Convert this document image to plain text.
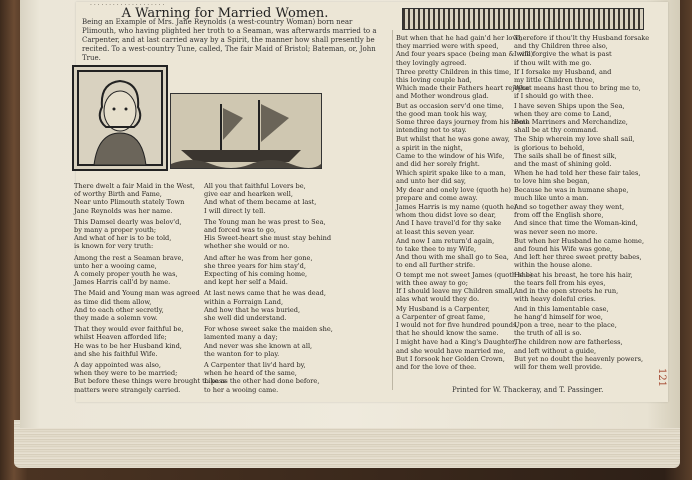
. . . . . . . . . . . . . . . . . . . .
A Warning for Married Women.
Being an Example of Mrs. Jane Reynolds (a west-country Woman) born near Plimouth, who having plighted her troth to a Seaman, was afterwards married to a Carpenter, and at last carried away by a Spirit, the manner how shall presently be recited. To a west-country Tune, called, The fair Maid of Bristol; Bateman, or, John True.
There dwelt a fair Maid in the West,
of worthy Birth and Fame,
Near unto Plimouth stately Town
Jane Reynolds was her name.
This Damsel dearly was belov'd,
by many a proper youth;
And what of her is to be told,
is known for very truth:
Among the rest a Seaman brave,
unto her a wooing came,
A comely proper youth he was,
James Harris call'd by name.
The Maid and Young man was agreed
as time did them allow,
And to each other secretly,
they made a solemn vow.
That they would ever faithful be,
whilst Heaven afforded life;
He was to be her Husband kind,
and she his faithful Wife.
A day appointed was also,
when they were to be married;
But before these things were brought to pass
matters were strangely carried.
All you that faithful Lovers be,
give ear and hearken well,
And what of them became at last,
I will direct ly tell.
The Young man he was prest to Sea,
and forced was to go,
His Sweet-heart she must stay behind
whether she would or no.
And after he was from her gone,
she three years for him stay'd,
Expecting of his coming home,
and kept her self a Maid.
At last news came that he was dead,
within a Forraign Land,
And how that he was buried,
she well did understand.
For whose sweet sake the maiden she,
lamented many a day;
And never was she known at all,
the wanton for to play.
A Carpenter that liv'd hard by,
when he heard of the same,
Like as the other had done before,
to her a wooing came.
But when that he had gain'd her love,
they married were with speed,
And four years space (being man & wife)
they lovingly agreed.
Three pretty Children in this time,
this loving couple had,
Which made their Fathers heart rejoyce
and Mother wondrous glad.
But as occasion serv'd one time,
the good man took his way,
Some three days journey from his home
intending not to stay.
But whilst that he was gone away,
a spirit in the night,
Came to the window of his Wife,
and did her sorely fright.
Which spirit spake like to a man,
and unto her did say,
My dear and onely love (quoth he)
prepare and come away.
James Harris is my name (quoth he)
whom thou didst love so dear,
And I have travel'd for thy sake
at least this seven year.
And now I am return'd again,
to take thee to my Wife,
And thou with me shall go to Sea,
to end all further strife.
O tempt me not sweet James (quoth she)
with thee away to go;
If I should leave my Children small,
alas what would they do.
My Husband is a Carpenter,
a Carpenter of great fame,
I would not for five hundred pounds,
that he should know the same.
I might have had a King's Daughter,
and she would have married me,
But I forsook her Golden Crown,
and for the love of thee.
Therefore if thou'lt thy Husband forsake
and thy Children three also,
I will forgive the what is past
if thou wilt with me go.
If I forsake my Husband, and
my little Children three,
What means hast thou to bring me to,
if I should go with thee.
I have seven Ships upon the Sea,
when they are come to Land,
Both Marriners and Merchandize,
shall be at thy command.
The Ship wherein my love shall sail,
is glorious to behold,
The sails shall be of finest silk,
and the mast of shining gold.
When he had told her these fair tales,
to love him she began,
Because he was in humane shape,
much like unto a man.
And so together away they went,
from off the English shore,
And since that time the Woman-kind,
was never seen no more.
But when her Husband he came home,
and found his Wife was gone,
And left her three sweet pretty babes,
within the house alone.
He beat his breast, he tore his hair,
the tears fell from his eyes,
And in the open streets he run,
with heavy doleful cries.
And in this lamentable case,
he hang'd himself for woe,
Upon a tree, near to the place,
the truth of all is so.
The children now are fatherless,
and left without a guide,
But yet no doubt the heavenly powers,
will for them well provide.
Printed for W. Thackeray, and T. Passinger.
121
